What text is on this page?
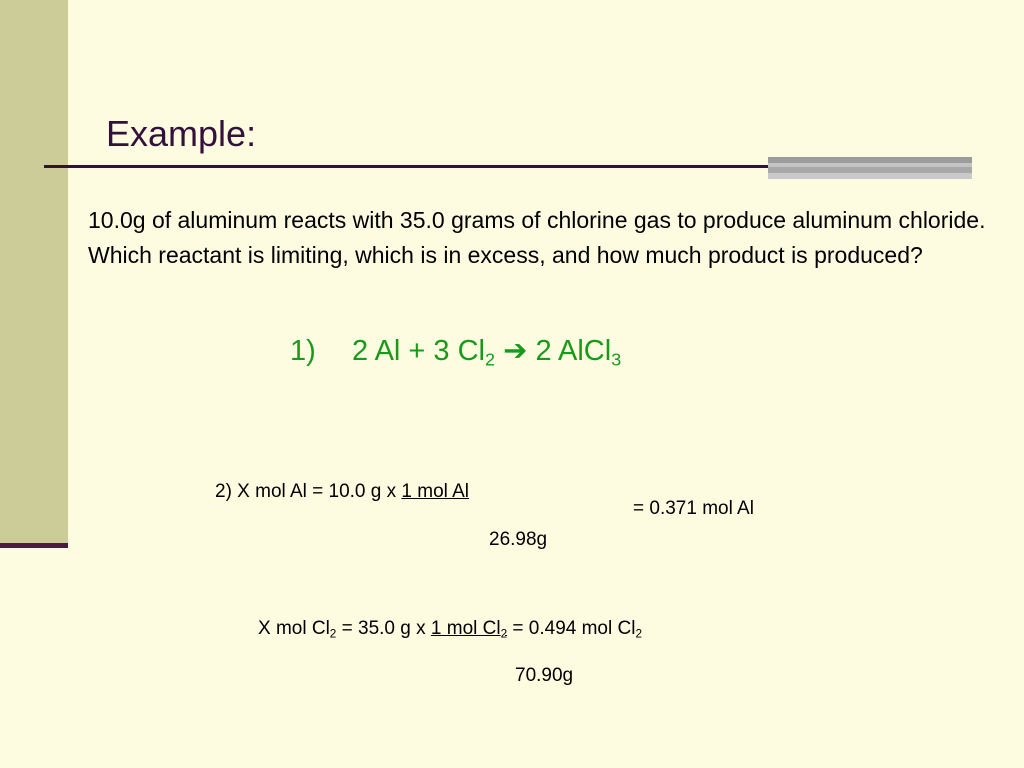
Example:
10.0g of aluminum reacts with 35.0 grams of chlorine gas to produce aluminum chloride. Which reactant is limiting, which is in excess, and how much product is produced?
1) 2 Al + 3 $Cl_2$ ➔ 2 AlCl$_3$
2) X mol Al = 10.0 g x 1 mol Al
26.98g
= 0.371 mol Al
X mol $Cl_2 = 35.0$ g x 1 mol $Cl_2 = 0.494$ mol $Cl_2$
70.90g
